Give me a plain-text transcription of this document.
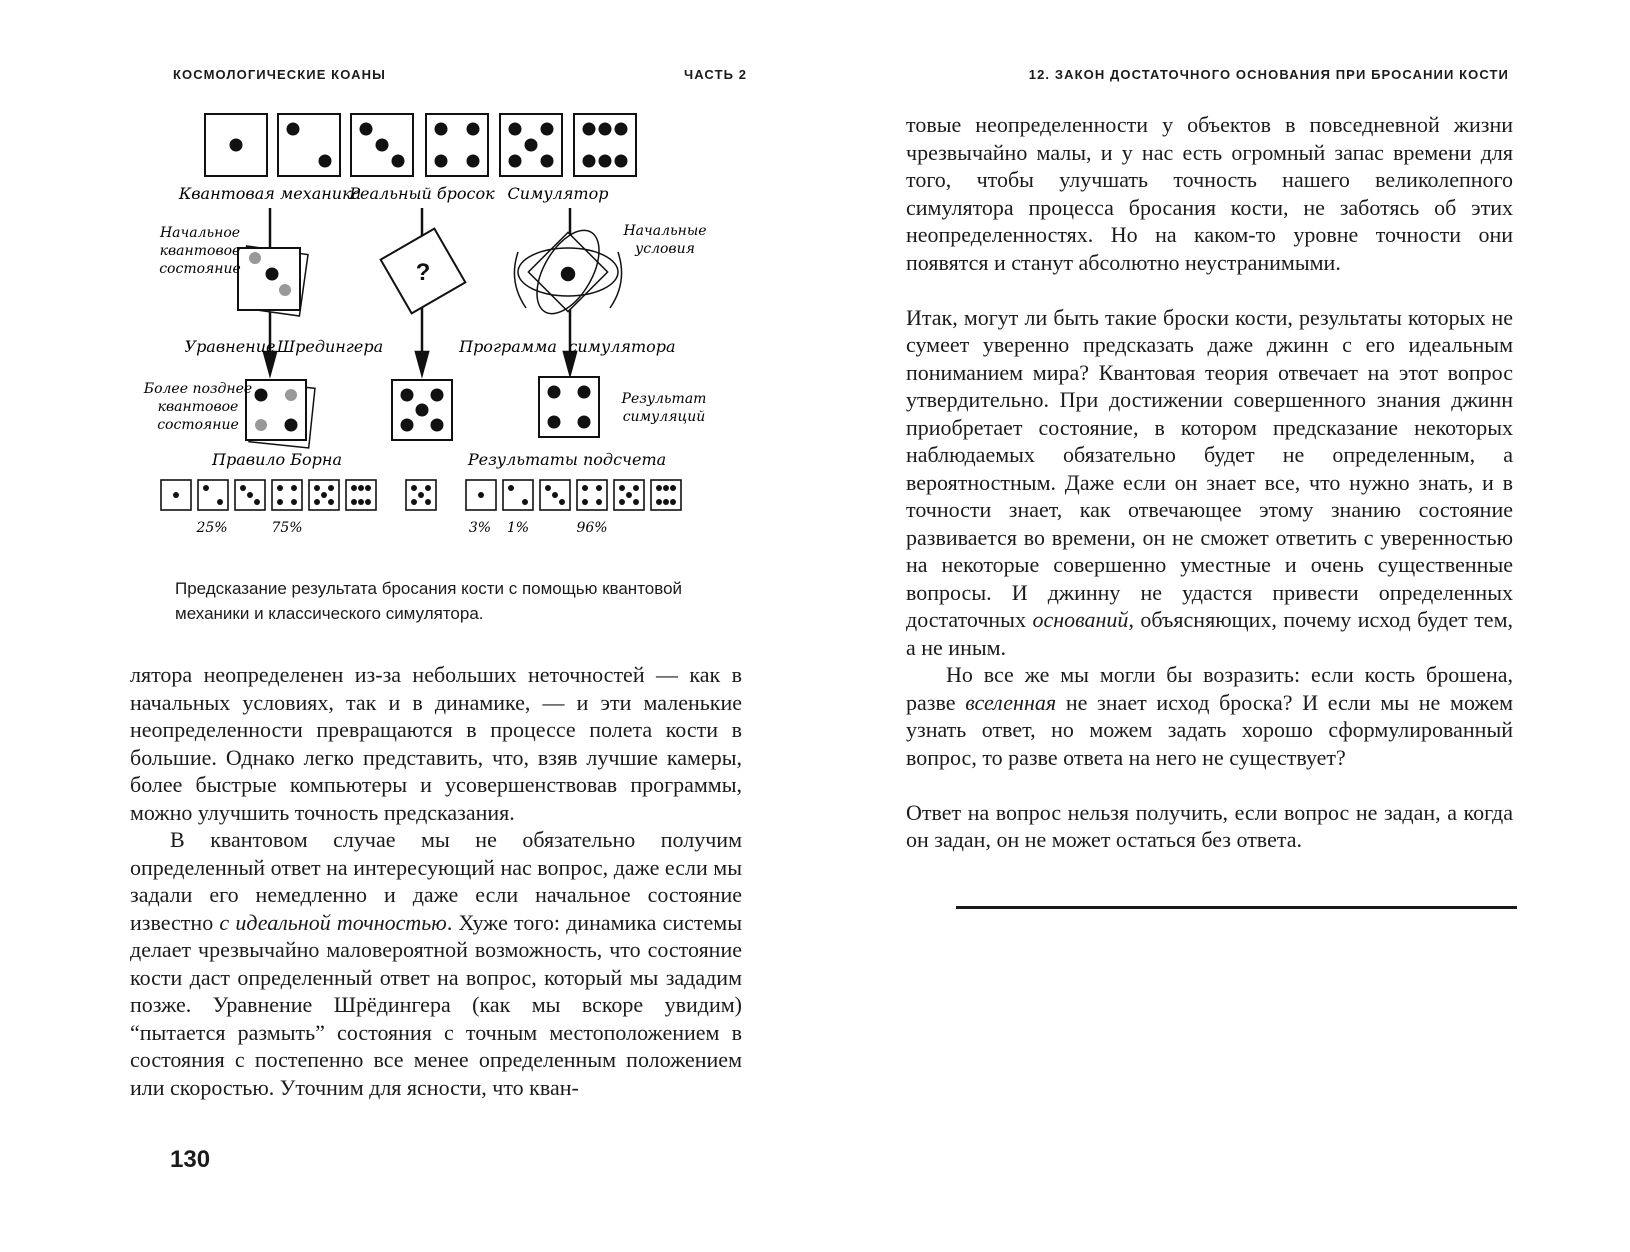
КОСМОЛОГИЧЕСКИЕ КОАНЫ	ЧАСТЬ 2
Квантовая механика
Реальный бросок Симулятор
Начальное
квантовое
состояние	?
Начальные
условия
Уравнение Шредингера	Программа симулятора
Более позднее
квантовое
состояние
Результат
симуляций
Правило Борна	Результаты подсчета
25%	75%	3% 1%	96%
Предсказание результата бросания кости с помощью квантовой механики и классического симулятора.

лятора неопределенен из-за небольших неточностей — как в начальных условиях, так и в динамике, — и эти маленькие неопределенности превращаются в процессе полета кости в большие. Однако легко представить, что, взяв лучшие камеры, более быстрые компьютеры и усовершенствовав программы, можно улучшить точность предсказания.

В квантовом случае мы не обязательно получим определенный ответ на интересующий нас вопрос, даже если мы задали его немедленно и даже если начальное состояние известно с идеальной точностью. Хуже того: динамика системы делает чрезвычайно маловероятной возможность, что состояние кости даст определенный ответ на вопрос, который мы зададим позже. Уравнение Шрёдингера (как мы вскоре увидим) “пытается размыть” состояния с точным местоположением в состояния с постепенно все менее определенным положением или скоростью. Уточним для ясности, что кван-

130
12. ЗАКОН ДОСТАТОЧНОГО ОСНОВАНИЯ ПРИ БРОСАНИИ КОСТИ

товые неопределенности у объектов в повседневной жизни чрезвычайно малы, и у нас есть огромный запас времени для того, чтобы улучшать точность нашего великолепного симулятора процесса бросания кости, не заботясь об этих неопределенностях. Но на каком-то уровне точности они появятся и станут абсолютно неустранимыми.

Итак, могут ли быть такие броски кости, результаты которых не сумеет уверенно предсказать даже джинн с его идеальным пониманием мира? Квантовая теория отвечает на этот вопрос утвердительно. При достижении совершенного знания джинн приобретает состояние, в котором предсказание некоторых наблюдаемых обязательно будет не определенным, а вероятностным. Даже если он знает все, что нужно знать, и в точности знает, как отвечающее этому знанию состояние развивается во времени, он не сможет ответить с уверенностью на некоторые совершенно уместные и очень существенные вопросы. И джинну не удастся привести определенных достаточных оснований, объясняющих, почему исход будет тем, а не иным.

Но все же мы могли бы возразить: если кость брошена, разве вселенная не знает исход броска? И если мы не можем узнать ответ, но можем задать хорошо сформулированный вопрос, то разве ответа на него не существует?

Ответ на вопрос нельзя получить, если вопрос не задан, а когда он задан, он не может остаться без ответа.
